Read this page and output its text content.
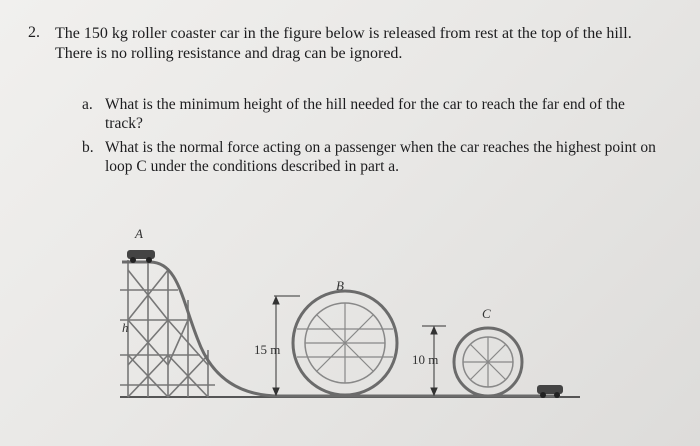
2. The 150 kg roller coaster car in the figure below is released from rest at the top of the hill. There is no rolling resistance and drag can be ignored.
a. What is the minimum height of the hill needed for the car to reach the far end of the track?
b. What is the normal force acting on a passenger when the car reaches the highest point on loop C under the conditions described in part a.
A
h
B
15 m
C
10 m
